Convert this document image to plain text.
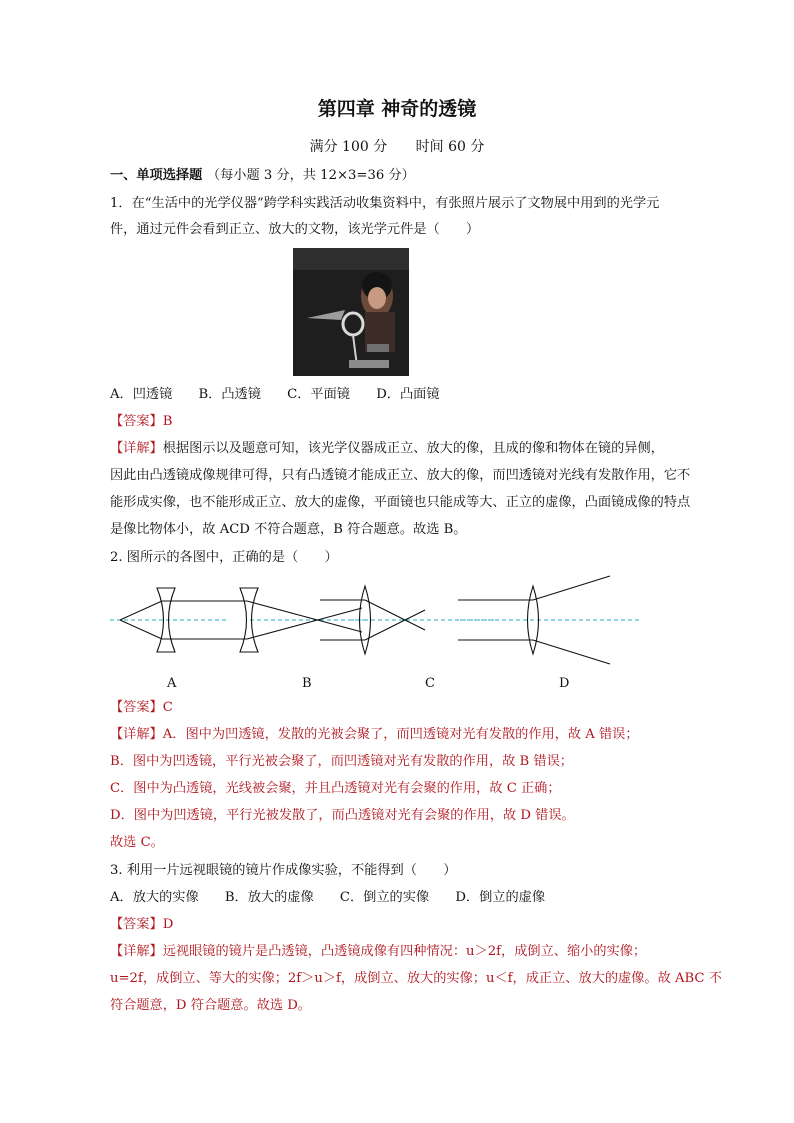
第四章 神奇的透镜
满分 100 分 时间 60 分
一、单项选择题 （每小题 3 分，共 12×3=36 分）
1．在“生活中的光学仪器”跨学科实践活动收集资料中，有张照片展示了文物展中用到的光学元
件，通过元件会看到正立、放大的文物，该光学元件是（　　）
A．凹透镜 B．凸透镜 C．平面镜 D．凸面镜
【答案】B
【详解】根据图示以及题意可知，该光学仪器成正立、放大的像，且成的像和物体在镜的异侧，
因此由凸透镜成像规律可得，只有凸透镜才能成正立、放大的像，而凹透镜对光线有发散作用，它不
能形成实像，也不能形成正立、放大的虚像，平面镜也只能成等大、正立的虚像，凸面镜成像的特点
是像比物体小，故 ACD 不符合题意，B 符合题意。故选 B。
2. 图所示的各图中，正确的是（　　）
A	B	C	D
【答案】C
【详解】A．图中为凹透镜，发散的光被会聚了，而凹透镜对光有发散的作用，故 A 错误；
B．图中为凹透镜，平行光被会聚了，而凹透镜对光有发散的作用，故 B 错误；
C．图中为凸透镜，光线被会聚，并且凸透镜对光有会聚的作用，故 C 正确；
D．图中为凹透镜，平行光被发散了，而凸透镜对光有会聚的作用，故 D 错误。
故选 C。
3. 利用一片远视眼镜的镜片作成像实验，不能得到（　　）
A．放大的实像 B．放大的虚像 C．倒立的实像 D．倒立的虚像
【答案】D
【详解】远视眼镜的镜片是凸透镜，凸透镜成像有四种情况：u＞2f，成倒立、缩小的实像；
u=2f，成倒立、等大的实像；2f＞u＞f，成倒立、放大的实像；u＜f，成正立、放大的虚像。故 ABC 不
符合题意，D 符合题意。故选 D。
